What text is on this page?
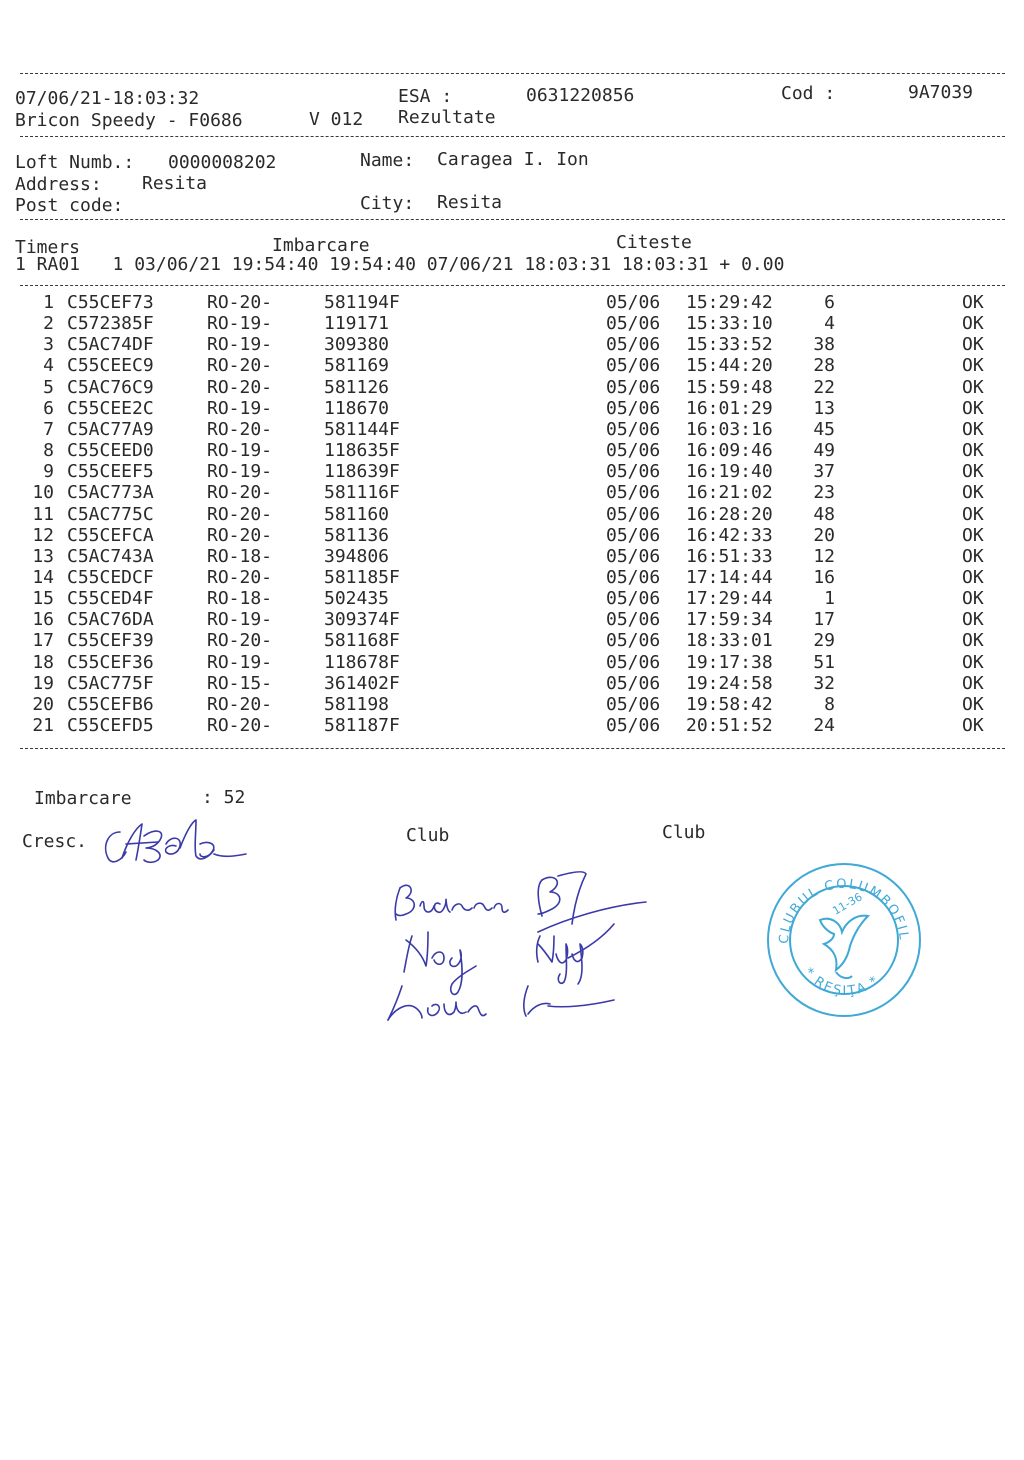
07/06/21-18:03:32	ESA :	0631220856	Cod :	9A7039
Bricon Speedy - F0686	V 012 Rezultate
Loft Numb.: 0000008202	Name: Caragea I. Ion
Address: Resita
Post code:	City: Resita
Timers	Imbarcare	Citeste
1 RA01   1 03/06/21 19:54:40 19:54:40 07/06/21 18:03:31 18:03:31 + 0.00
1 C55CEF73	RO-20-	581194F	05/06 15:29:42	6	OK
2 C572385F	RO-19-	119171	05/06 15:33:10	4	OK
3 C5AC74DF	RO-19-	309380	05/06 15:33:52	38	OK
4 C55CEEC9	RO-20-	581169	05/06 15:44:20	28	OK
5 C5AC76C9	RO-20-	581126	05/06 15:59:48	22	OK
6 C55CEE2C	RO-19-	118670	05/06 16:01:29	13	OK
7 C5AC77A9	RO-20-	581144F	05/06 16:03:16	45	OK
8 C55CEED0	RO-19-	118635F	05/06 16:09:46	49	OK
9 C55CEEF5	RO-19-	118639F	05/06 16:19:40	37	OK
10 C5AC773A	RO-20-	581116F	05/06 16:21:02	23	OK
11 C5AC775C	RO-20-	581160	05/06 16:28:20	48	OK
12 C55CEFCA	RO-20-	581136	05/06 16:42:33	20	OK
13 C5AC743A	RO-18-	394806	05/06 16:51:33	12	OK
14 C55CEDCF	RO-20-	581185F	05/06 17:14:44	16	OK
15 C55CED4F	RO-18-	502435	05/06 17:29:44	1	OK
16 C5AC76DA	RO-19-	309374F	05/06 17:59:34	17	OK
17 C55CEF39	RO-20-	581168F	05/06 18:33:01	29	OK
18 C55CEF36	RO-19-	118678F	05/06 19:17:38	51	OK
19 C5AC775F	RO-15-	361402F	05/06 19:24:58	32	OK
20 C55CEFB6	RO-20-	581198	05/06 19:58:42	8	OK
21 C55CEFD5	RO-20-	581187F	05/06 20:51:52	24	OK
Imbarcare	: 52
Cresc.	Club	Club
CLUBUL COLUMBOFIL
11-36
* REŞIŢA *
